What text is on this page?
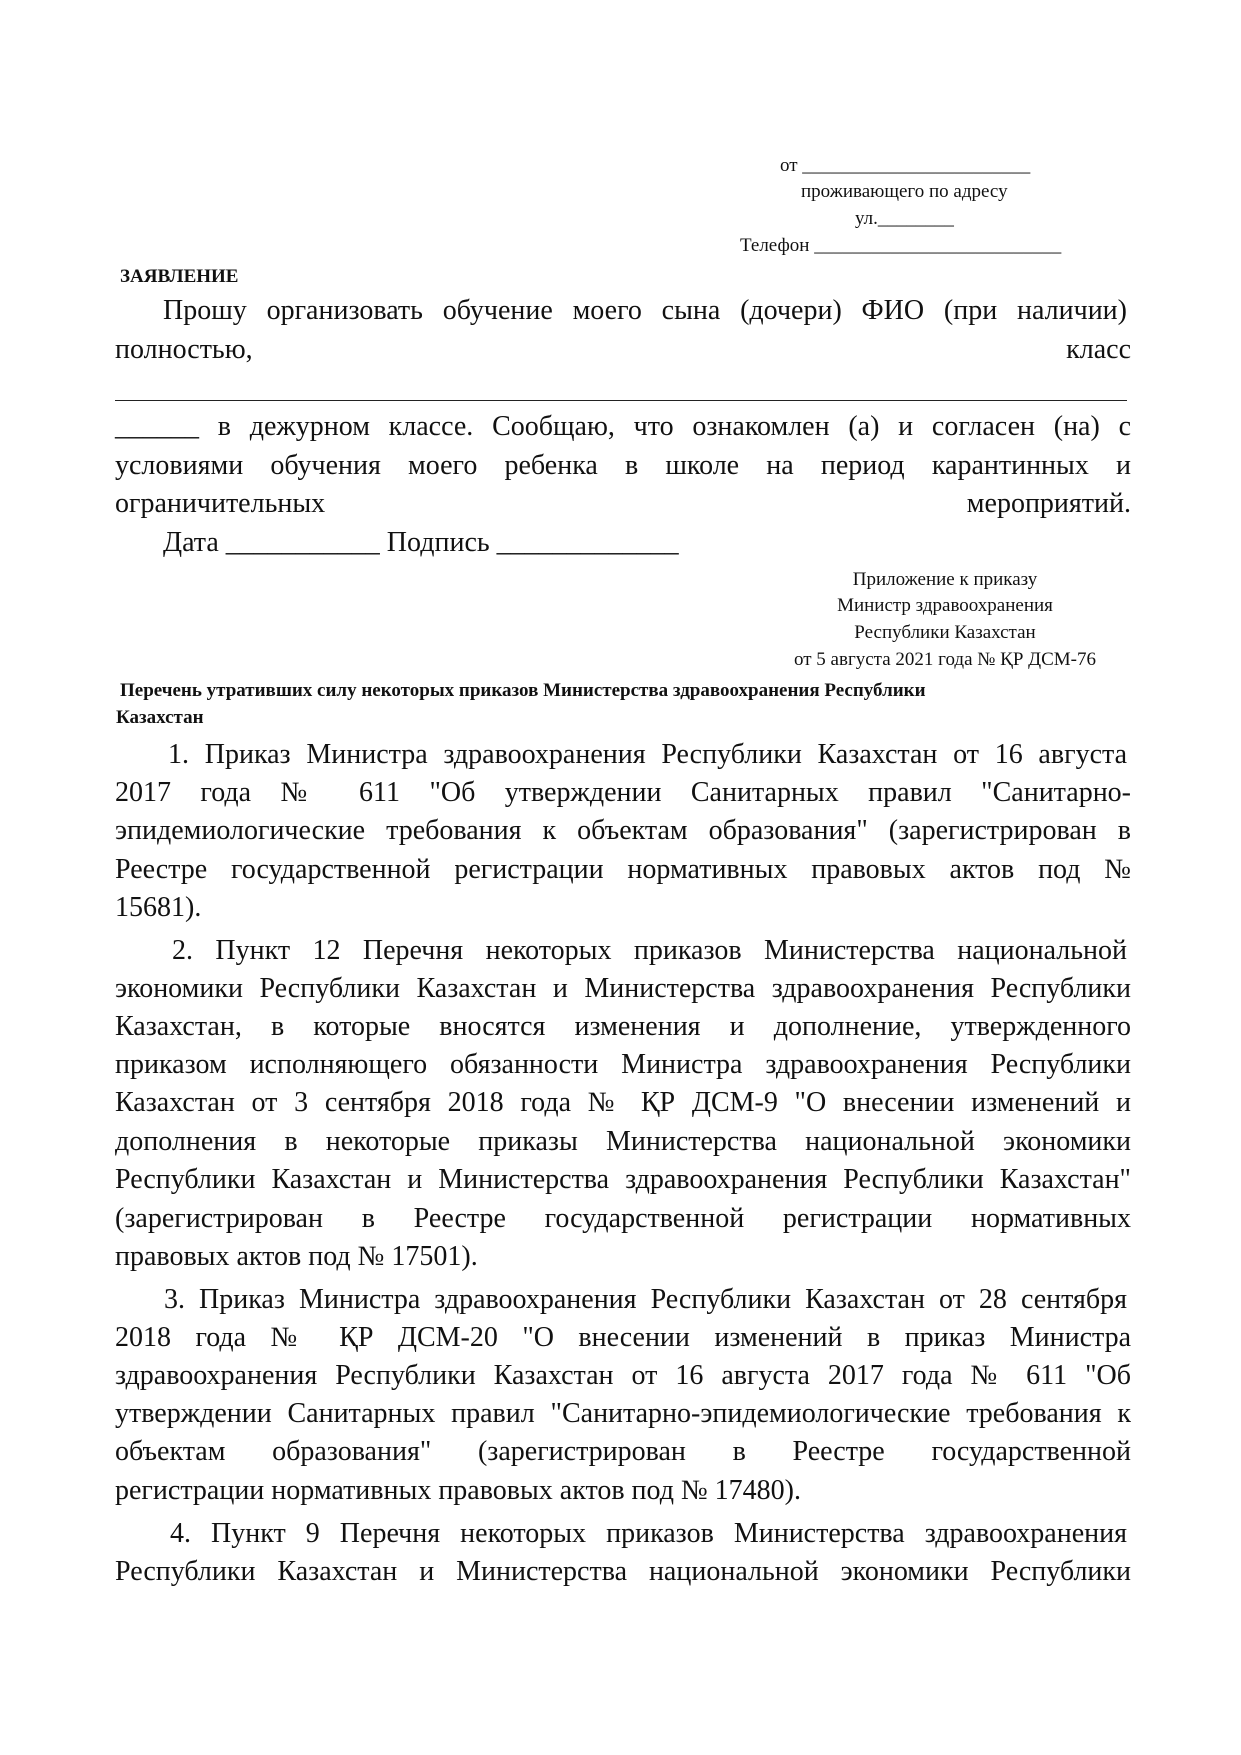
от ________________________
проживающего по адресу
ул.________
Телефон __________________________
ЗАЯВЛЕНИЕ
Прошу организовать обучение моего сына (дочери) ФИО (при наличии)
полностью, класс
______ в дежурном классе. Сообщаю, что ознакомлен (а) и согласен (на) с
условиями обучения моего ребенка в школе на период карантинных и
ограничительных мероприятий.
Дата ___________ Подпись _____________
Приложение к приказу
Министр здравоохранения
Республики Казахстан
от 5 августа 2021 года № ҚР ДСМ-76
Перечень утративших силу некоторых приказов Министерства здравоохранения Республики
Казахстан
1. Приказ Министра здравоохранения Республики Казахстан от 16 августа
2017 года № 611 "Об утверждении Санитарных правил "Санитарно-
эпидемиологические требования к объектам образования" (зарегистрирован в
Реестре государственной регистрации нормативных правовых актов под №
15681).
2. Пункт 12 Перечня некоторых приказов Министерства национальной
экономики Республики Казахстан и Министерства здравоохранения Республики
Казахстан, в которые вносятся изменения и дополнение, утвержденного
приказом исполняющего обязанности Министра здравоохранения Республики
Казахстан от 3 сентября 2018 года № ҚР ДСМ-9 "О внесении изменений и
дополнения в некоторые приказы Министерства национальной экономики
Республики Казахстан и Министерства здравоохранения Республики Казахстан"
(зарегистрирован в Реестре государственной регистрации нормативных
правовых актов под № 17501).
3. Приказ Министра здравоохранения Республики Казахстан от 28 сентября
2018 года № ҚР ДСМ-20 "О внесении изменений в приказ Министра
здравоохранения Республики Казахстан от 16 августа 2017 года № 611 "Об
утверждении Санитарных правил "Санитарно-эпидемиологические требования к
объектам образования" (зарегистрирован в Реестре государственной
регистрации нормативных правовых актов под № 17480).
4. Пункт 9 Перечня некоторых приказов Министерства здравоохранения
Республики Казахстан и Министерства национальной экономики Республики
